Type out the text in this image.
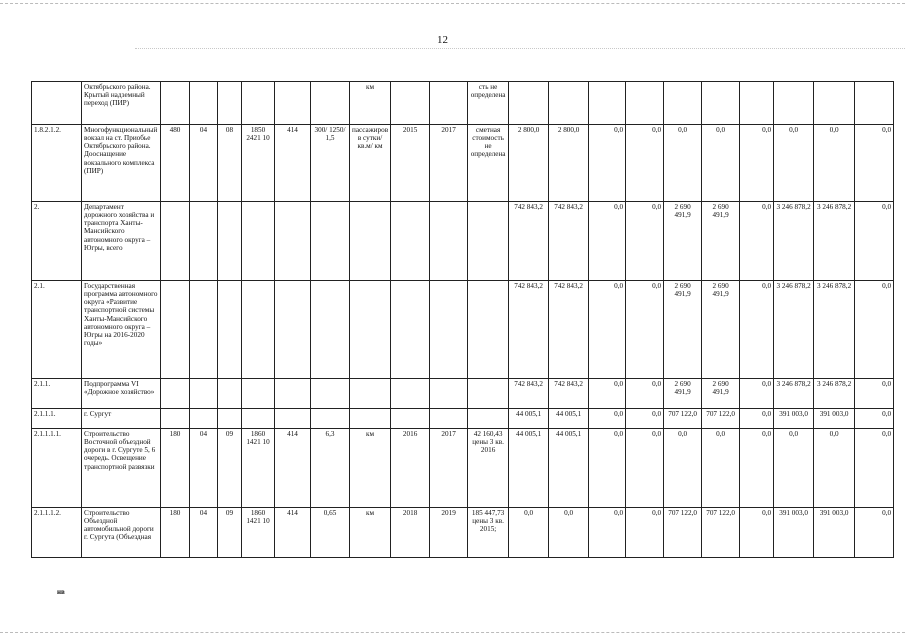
12
	Октябрьского района. Крытый надземный переход (ПИР)							км			сть не определена										
1.8.2.1.2.	Многофункциональный вокзал на ст. Приобье Октябрьского района. Дооснащение вокзального комплекса (ПИР)	480	04	08	1850 2421 10	414	300/ 1250/ 1,5	пассажиров в сутки/ кв.м/ км	2015	2017	сметная стоимость не определена	2 800,0	2 800,0	0,0	0,0	0,0	0,0	0,0	0,0	0,0	0,0
2.	Департамент дорожного хозяйства и транспорта Ханты-Мансийского автономного округа – Югры, всего											742 843,2	742 843,2	0,0	0,0	2 690 491,9	2 690 491,9	0,0	3 246 878,2	3 246 878,2	0,0
2.1.	Государственная программа автономного округа «Развитие транспортной системы Ханты-Мансийского автономного округа – Югры на 2016-2020 годы»											742 843,2	742 843,2	0,0	0,0	2 690 491,9	2 690 491,9	0,0	3 246 878,2	3 246 878,2	0,0
2.1.1.	Подпрограмма VI «Дорожное хозяйство»											742 843,2	742 843,2	0,0	0,0	2 690 491,9	2 690 491,9	0,0	3 246 878,2	3 246 878,2	0,0
2.1.1.1.	г. Сургут											44 005,1	44 005,1	0,0	0,0	707 122,0	707 122,0	0,0	391 003,0	391 003,0	0,0
2.1.1.1.1.	Строительство Восточной объездной дороги в г. Сургуте 5, 6 очередь. Освещение транспортной развязки	180	04	09	1860 1421 10	414	6,3	км	2016	2017	42 160,43 цены 3 кв. 2016	44 005,1	44 005,1	0,0	0,0	0,0	0,0	0,0	0,0	0,0	0,0
2.1.1.1.2.	Строительство Объездной автомобильной дороги г. Сургута (Объездная	180	04	09	1860 1421 10	414	0,65	км	2018	2019	185 447,73 цены 3 кв. 2015;	0,0	0,0	0,0	0,0	707 122,0	707 122,0	0,0	391 003,0	391 003,0	0,0
нв
